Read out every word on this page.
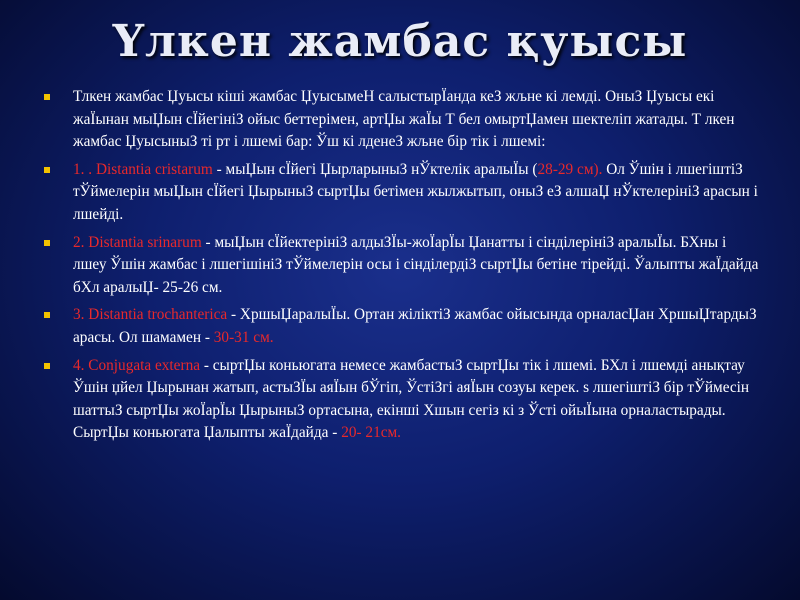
Үлкен жамбас қуысы
Тлкен жамбас Џуысы кіші жамбас ЏуысымеН салыстырЇанда кеЗ жљне кі лемді. ОныЗ Џуысы екі жаЇынан мыЏын сЇйегініЗ ойыс беттерімен, артЏы жаЇы Т бел омыртЏамен шектеліп жатады. Т лкен жамбас ЏуысыныЗ ті рт і лшемі бар: Ўш кі лденеЗ жљне бір тік і лшемі:
1. . Distantia cristarum - мыЏын сЇйегі ЏырларыныЗ нЎктелік аралыЇы (28-29 см). Ол Ўшін і лшегіштіЗ тЎймелерін мыЏын сЇйегі ЏырыныЗ сыртЏы бетімен жылжытып, оныЗ еЗ алшаЏ нЎктелерініЗ арасын і лшейді.
2. Distantia srinarum - мыЏын сЇйектерініЗ алдыЗЇы-жоЇарЇы Џанатты і сінділерініЗ аралыЇы. БХны і лшеу Ўшін жамбас і лшегішініЗ тЎймелерін осы і сінділердіЗ сыртЏы бетіне тірейді. Ўалыпты жаЇдайда бХл аралыЏ- 25-26 см.
3. Distantia trochanterica - ХршыЏаралыЇы. Ортан жіліктіЗ жамбас ойысында орналасЏан ХршыЏтардыЗ арасы. Ол шамамен - 30-31 см.
4. Conjugata externa - сыртЏы коньюгата немесе жамбастыЗ сыртЏы тік і лшемі. БХл і лшемді анықтау Ўшін џйел Џырынан жатып, астыЗЇы аяЇын бЎгіп, ЎстіЗгі аяЇын созуы керек. s лшегіштіЗ бір тЎймесін шаттыЗ сыртЏы жоЇарЇы ЏырыныЗ ортасына, екінші Хшын сегіз кі з Ўсті ойыЇына орналастырады. СыртЏы коньюгата Џалыпты жаЇдайда - 20- 21см.
